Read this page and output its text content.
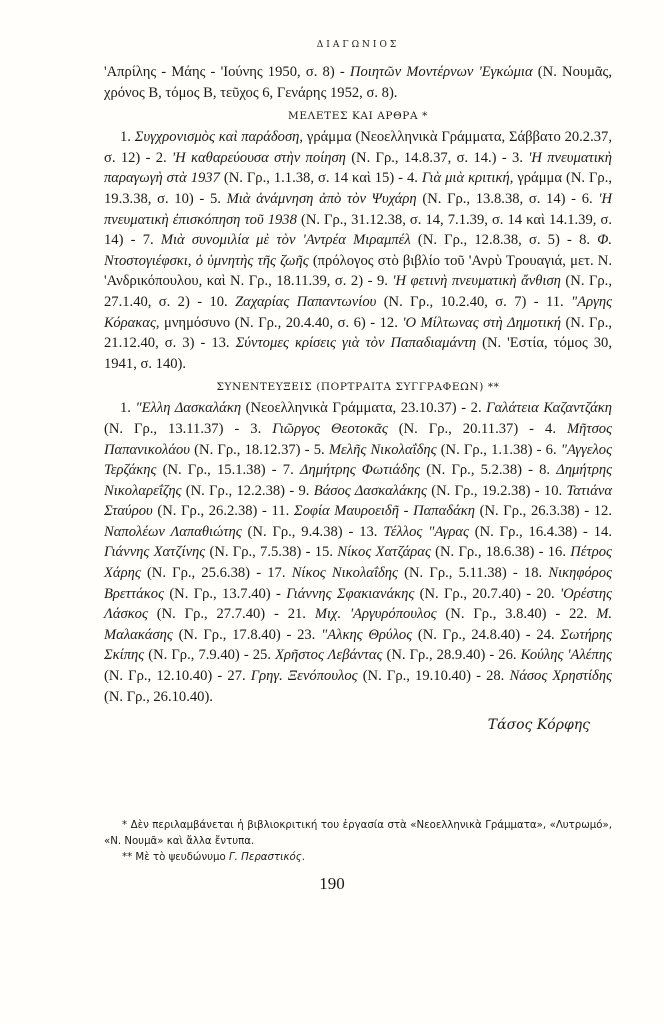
ΔΙΑΓΩΝΙΟΣ

'Απρίλης - Μάης - 'Ιούνης 1950, σ. 8) - Ποιητῶν Μοντέρνων 'Εγκώμια (Ν. Νουμᾶς, χρόνος Β, τόμος Β, τεῦχος 6, Γενάρης 1952, σ. 8).

ΜΕΛΕΤΕΣ ΚΑΙ ΑΡΘΡΑ *

1. Συγχρονισμὸς καὶ παράδοση, γράμμα (Νεοελληνικὰ Γράμματα, Σάββατο 20.2.37, σ. 12) - 2. 'Η καθαρεύουσα στὴν ποίηση (Ν. Γρ., 14.8.37, σ. 14.) - 3. 'Η πνευματικὴ παραγωγὴ στὰ 1937 (Ν. Γρ., 1.1.38, σ. 14 καὶ 15) - 4. Γιὰ μιὰ κριτική, γράμμα (Ν. Γρ., 19.3.38, σ. 10) - 5. Μιὰ ἀνάμνηση ἀπὸ τὸν Ψυχάρη (Ν. Γρ., 13.8.38, σ. 14) - 6. 'Η πνευματικὴ ἐπισκόπηση τοῦ 1938 (Ν. Γρ., 31.12.38, σ. 14, 7.1.39, σ. 14 καὶ 14.1.39, σ. 14) - 7. Μιὰ συνομιλία μὲ τὸν 'Αντρέα Μιραμπέλ (Ν. Γρ., 12.8.38, σ. 5) - 8. Φ. Ντοστογιέφσκι, ὁ ὑμνητὴς τῆς ζωῆς (πρόλογος στὸ βιβλίο τοῦ 'Ανρὺ Τρουαγιά, μετ. Ν. 'Ανδρικόπουλου, καὶ Ν. Γρ., 18.11.39, σ. 2) - 9. 'Η φετινὴ πνευματικὴ ἄνθιση (Ν. Γρ., 27.1.40, σ. 2) - 10. Ζαχαρίας Παπαντωνίου (Ν. Γρ., 10.2.40, σ. 7) - 11. "Αργης Κόρακας, μνημόσυνο (Ν. Γρ., 20.4.40, σ. 6) - 12. 'Ο Μίλτωνας στὴ Δημοτική (Ν. Γρ., 21.12.40, σ. 3) - 13. Σύντομες κρίσεις γιὰ τὸν Παπαδιαμάντη (Ν. 'Εστία, τόμος 30, 1941, σ. 140).

ΣΥΝΕΝΤΕΥΞΕΙΣ (ΠΟΡΤΡΑΙΤΑ ΣΥΓΓΡΑΦΕΩΝ) **

1. "Ελλη Δασκαλάκη (Νεοελληνικὰ Γράμματα, 23.10.37) - 2. Γαλάτεια Καζαντζάκη (Ν. Γρ., 13.11.37) - 3. Γιῶργος Θεοτοκᾶς (Ν. Γρ., 20.11.37) - 4. Μῆτσος Παπανικολάου (Ν. Γρ., 18.12.37) - 5. Μελῆς Νικολαΐδης (Ν. Γρ., 1.1.38) - 6. "Αγγελος Τερζάκης (Ν. Γρ., 15.1.38) - 7. Δημήτρης Φωτιάδης (Ν. Γρ., 5.2.38) - 8. Δημήτρης Νικολαρεΐζης (Ν. Γρ., 12.2.38) - 9. Βάσος Δασκαλάκης (Ν. Γρ., 19.2.38) - 10. Τατιάνα Σταύρου (Ν. Γρ., 26.2.38) - 11. Σοφία Μαυροειδῆ - Παπαδάκη (Ν. Γρ., 26.3.38) - 12. Ναπολέων Λαπαθιώτης (Ν. Γρ., 9.4.38) - 13. Τέλλος "Αγρας (Ν. Γρ., 16.4.38) - 14. Γιάννης Χατζίνης (Ν. Γρ., 7.5.38) - 15. Νίκος Χατζάρας (Ν. Γρ., 18.6.38) - 16. Πέτρος Χάρης (Ν. Γρ., 25.6.38) - 17. Νίκος Νικολαΐδης (Ν. Γρ., 5.11.38) - 18. Νικηφόρος Βρεττάκος (Ν. Γρ., 13.7.40) - Γιάννης Σφακιανάκης (Ν. Γρ., 20.7.40) - 20. 'Ορέστης Λάσκος (Ν. Γρ., 27.7.40) - 21. Μιχ. 'Αργυρόπουλος (Ν. Γρ., 3.8.40) - 22. Μ. Μαλακάσης (Ν. Γρ., 17.8.40) - 23. "Αλκης Θρύλος (Ν. Γρ., 24.8.40) - 24. Σωτήρης Σκίπης (Ν. Γρ., 7.9.40) - 25. Χρῆστος Λεβάντας (Ν. Γρ., 28.9.40) - 26. Κούλης 'Αλέπης (Ν. Γρ., 12.10.40) - 27. Γρηγ. Ξενόπουλος (Ν. Γρ., 19.10.40) - 28. Νάσος Χρηστίδης (Ν. Γρ., 26.10.40).

Τάσος Κόρφης

* Δὲν περιλαμβάνεται ἡ βιβλιοκριτική του ἐργασία στὰ «Νεοελληνικὰ Γράμματα», «Λυτρωμό», «Ν. Νουμᾶ» καὶ ἄλλα ἔντυπα.

** Μὲ τὸ ψευδώνυμο Γ. Περαστικός.

190
